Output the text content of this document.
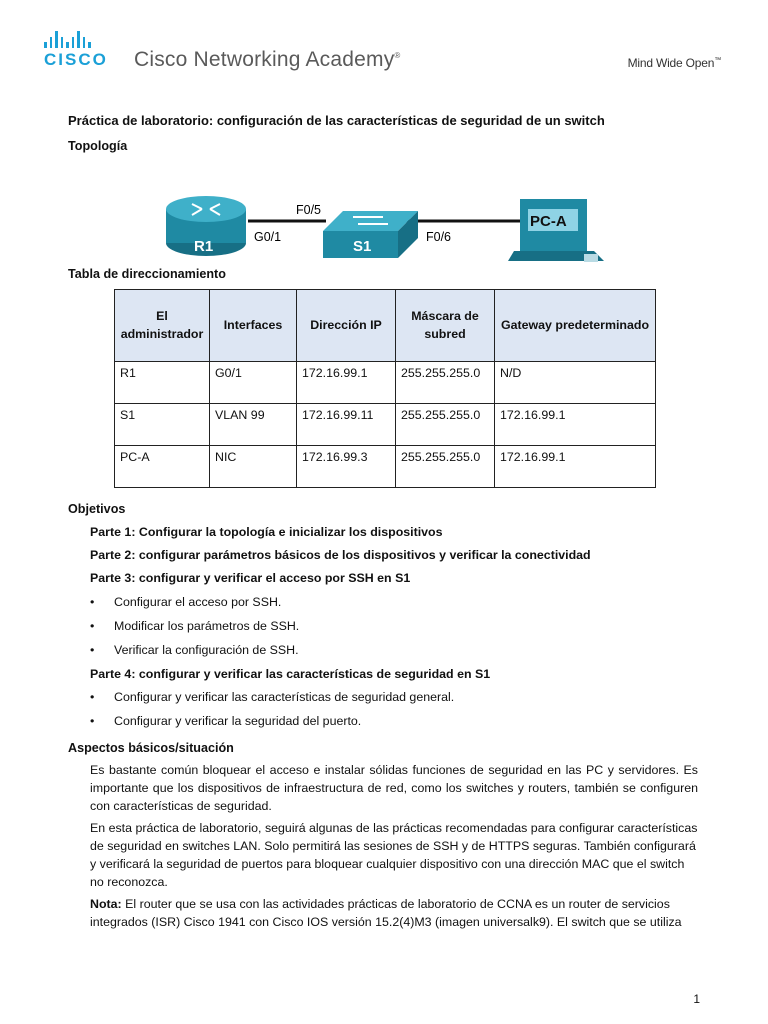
CISCO Cisco Networking Academy®
Mind Wide Open™
Práctica de laboratorio: configuración de las características de seguridad de un switch
Topología
R1	S1
PC-A
F0/5
G0/1	F0/6
Tabla de direccionamiento
El administrador	Interfaces	Dirección IP	Máscara de subred	Gateway predeterminado
R1	G0/1	172.16.99.1	255.255.255.0	N/D
S1	VLAN 99	172.16.99.11	255.255.255.0	172.16.99.1
PC-A	NIC	172.16.99.3	255.255.255.0	172.16.99.1
Objetivos
Parte 1: Configurar la topología e inicializar los dispositivos
Parte 2: configurar parámetros básicos de los dispositivos y verificar la conectividad
Parte 3: configurar y verificar el acceso por SSH en S1
• Configurar el acceso por SSH.
• Modificar los parámetros de SSH.
• Verificar la configuración de SSH.
Parte 4: configurar y verificar las características de seguridad en S1
• Configurar y verificar las características de seguridad general.
• Configurar y verificar la seguridad del puerto.
Aspectos básicos/situación
Es bastante común bloquear el acceso e instalar sólidas funciones de seguridad en las PC y servidores. Es importante que los dispositivos de infraestructura de red, como los switches y routers, también se configuren con características de seguridad.
En esta práctica de laboratorio, seguirá algunas de las prácticas recomendadas para configurar características de seguridad en switches LAN. Solo permitirá las sesiones de SSH y de HTTPS seguras. También configurará y verificará la seguridad de puertos para bloquear cualquier dispositivo con una dirección MAC que el switch no reconozca.
Nota: El router que se usa con las actividades prácticas de laboratorio de CCNA es un router de servicios integrados (ISR) Cisco 1941 con Cisco IOS versión 15.2(4)M3 (imagen universalk9). El switch que se utiliza
1
